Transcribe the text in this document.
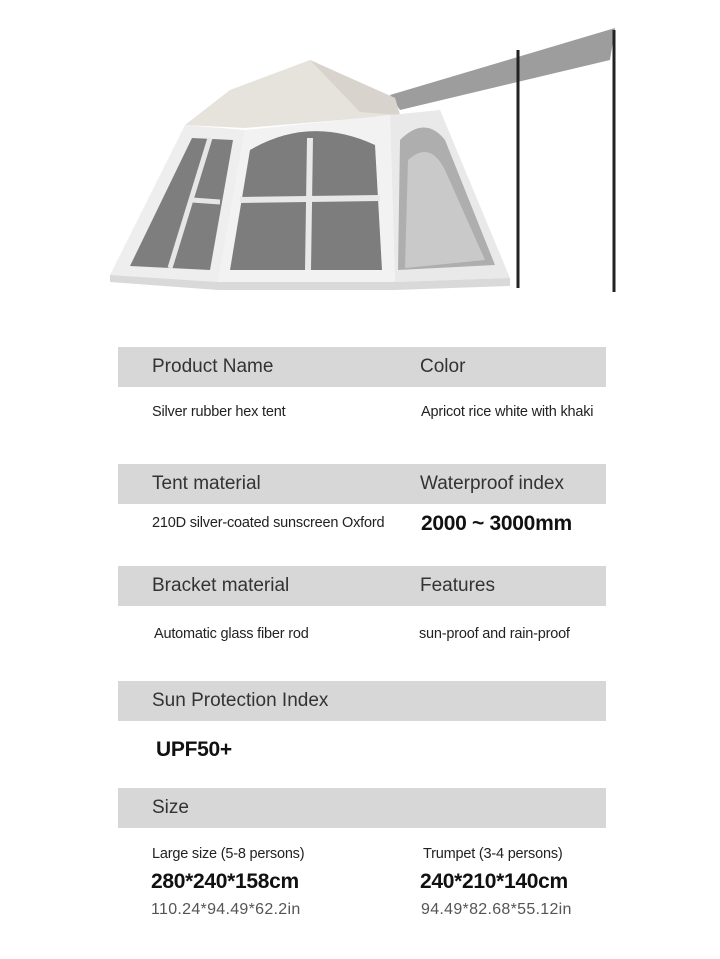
Product Name	Color
Silver rubber hex tent	Apricot rice white with khaki
Tent material	Waterproof index
210D silver-coated sunscreen Oxford 2000 ~ 3000mm
Bracket material	Features
Automatic glass fiber rod	sun-proof and rain-proof
Sun Protection Index
UPF50+
Size
Large size (5-8 persons)
280*240*158cm
110.24*94.49*62.2in
Trumpet (3-4 persons)
240*210*140cm
94.49*82.68*55.12in
